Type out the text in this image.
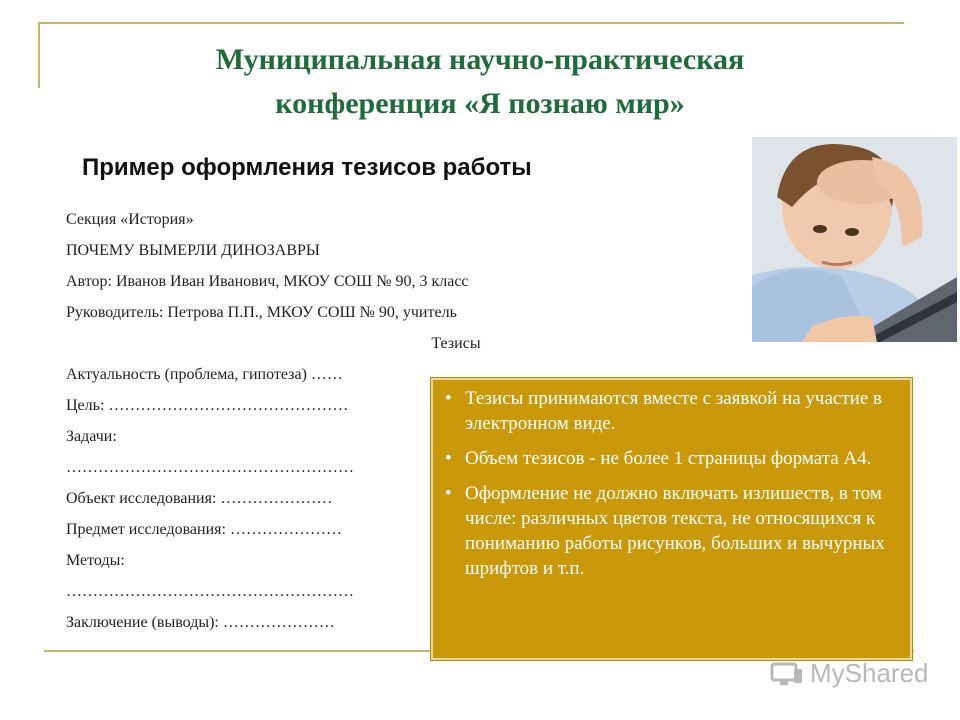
Муниципальная научно-практическая
конференция «Я познаю мир»
Пример оформления тезисов работы
Секция «История»
ПОЧЕМУ ВЫМЕРЛИ ДИНОЗАВРЫ
Автор: Иванов Иван Иванович, МКОУ СОШ № 90, 3 класс
Руководитель: Петрова П.П., МКОУ СОШ № 90, учитель
Тезисы
Актуальность (проблема, гипотеза) ……
Цель: ………………………………………
Задачи:
………………………………………………
Объект исследования: …………………
Предмет исследования: …………………
Методы:
………………………………………………
Заключение (выводы): …………………
• Тезисы принимаются вместе с заявкой на участие в электронном виде.
• Объем тезисов - не более 1 страницы формата А4.
• Оформление не должно включать излишеств, в том числе: различных цветов текста, не относящихся к пониманию работы рисунков, больших и вычурных шрифтов и т.п.
MyShared
